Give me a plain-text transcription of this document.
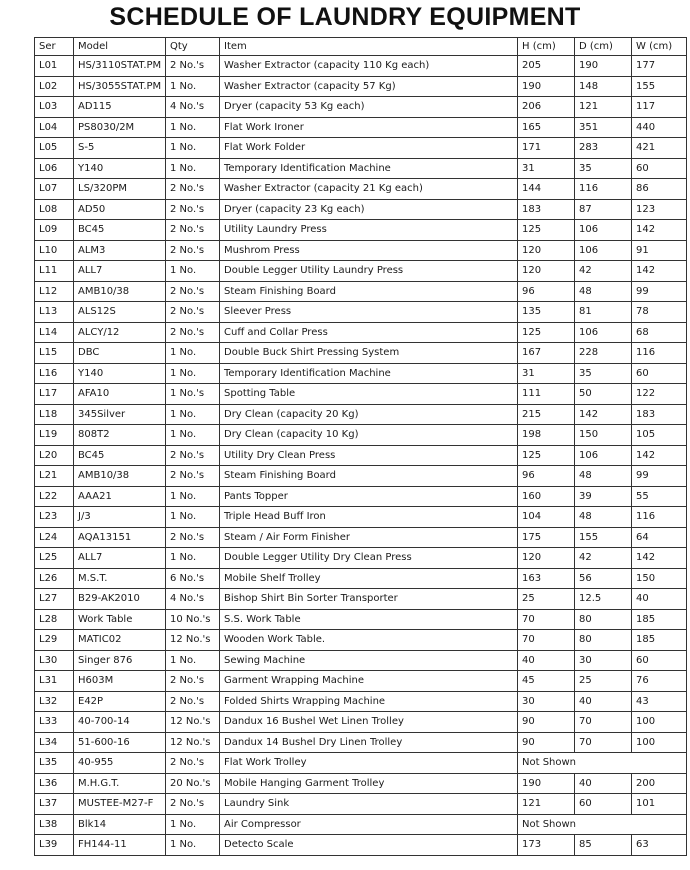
SCHEDULE OF LAUNDRY EQUIPMENT
Ser	Model	Qty	Item	H (cm)	D (cm)	W (cm)
L01	HS/3110STAT.PM	2 No.'s	Washer Extractor (capacity 110 Kg each)	205	190	177
L02	HS/3055STAT.PM	1 No.	Washer Extractor (capacity 57 Kg)	190	148	155
L03	AD115	4 No.'s	Dryer (capacity 53 Kg each)	206	121	117
L04	PS8030/2M	1 No.	Flat Work Ironer	165	351	440
L05	S-5	1 No.	Flat Work Folder	171	283	421
L06	Y140	1 No.	Temporary Identification Machine	31	35	60
L07	LS/320PM	2 No.'s	Washer Extractor (capacity 21 Kg each)	144	116	86
L08	AD50	2 No.'s	Dryer (capacity 23 Kg each)	183	87	123
L09	BC45	2 No.'s	Utility Laundry Press	125	106	142
L10	ALM3	2 No.'s	Mushrom Press	120	106	91
L11	ALL7	1 No.	Double Legger Utility Laundry Press	120	42	142
L12	AMB10/38	2 No.'s	Steam Finishing Board	96	48	99
L13	ALS12S	2 No.'s	Sleever Press	135	81	78
L14	ALCY/12	2 No.'s	Cuff and Collar Press	125	106	68
L15	DBC	1 No.	Double Buck Shirt Pressing System	167	228	116
L16	Y140	1 No.	Temporary Identification Machine	31	35	60
L17	AFA10	1 No.'s	Spotting Table	111	50	122
L18	345Silver	1 No.	Dry Clean (capacity 20 Kg)	215	142	183
L19	808T2	1 No.	Dry Clean (capacity 10 Kg)	198	150	105
L20	BC45	2 No.'s	Utility Dry Clean Press	125	106	142
L21	AMB10/38	2 No.'s	Steam Finishing Board	96	48	99
L22	AAA21	1 No.	Pants Topper	160	39	55
L23	J/3	1 No.	Triple Head Buff Iron	104	48	116
L24	AQA13151	2 No.'s	Steam / Air Form Finisher	175	155	64
L25	ALL7	1 No.	Double Legger Utility Dry Clean Press	120	42	142
L26	M.S.T.	6 No.'s	Mobile Shelf Trolley	163	56	150
L27	B29-AK2010	4 No.'s	Bishop Shirt Bin Sorter Transporter	25	12.5	40
L28	Work Table	10 No.'s	S.S. Work Table	70	80	185
L29	MATIC02	12 No.'s	Wooden Work Table.	70	80	185
L30	Singer 876	1 No.	Sewing Machine	40	30	60
L31	H603M	2 No.'s	Garment Wrapping Machine	45	25	76
L32	E42P	2 No.'s	Folded Shirts Wrapping Machine	30	40	43
L33	40-700-14	12 No.'s	Dandux 16 Bushel Wet Linen Trolley	90	70	100
L34	51-600-16	12 No.'s	Dandux 14 Bushel Dry Linen Trolley	90	70	100
L35	40-955	2 No.'s	Flat Work Trolley	Not Shown		
L36	M.H.G.T.	20 No.'s	Mobile Hanging Garment Trolley	190	40	200
L37	MUSTEE-M27-F	2 No.'s	Laundry Sink	121	60	101
L38	Blk14	1 No.	Air Compressor	Not Shown		
L39	FH144-11	1 No.	Detecto Scale	173	85	63
